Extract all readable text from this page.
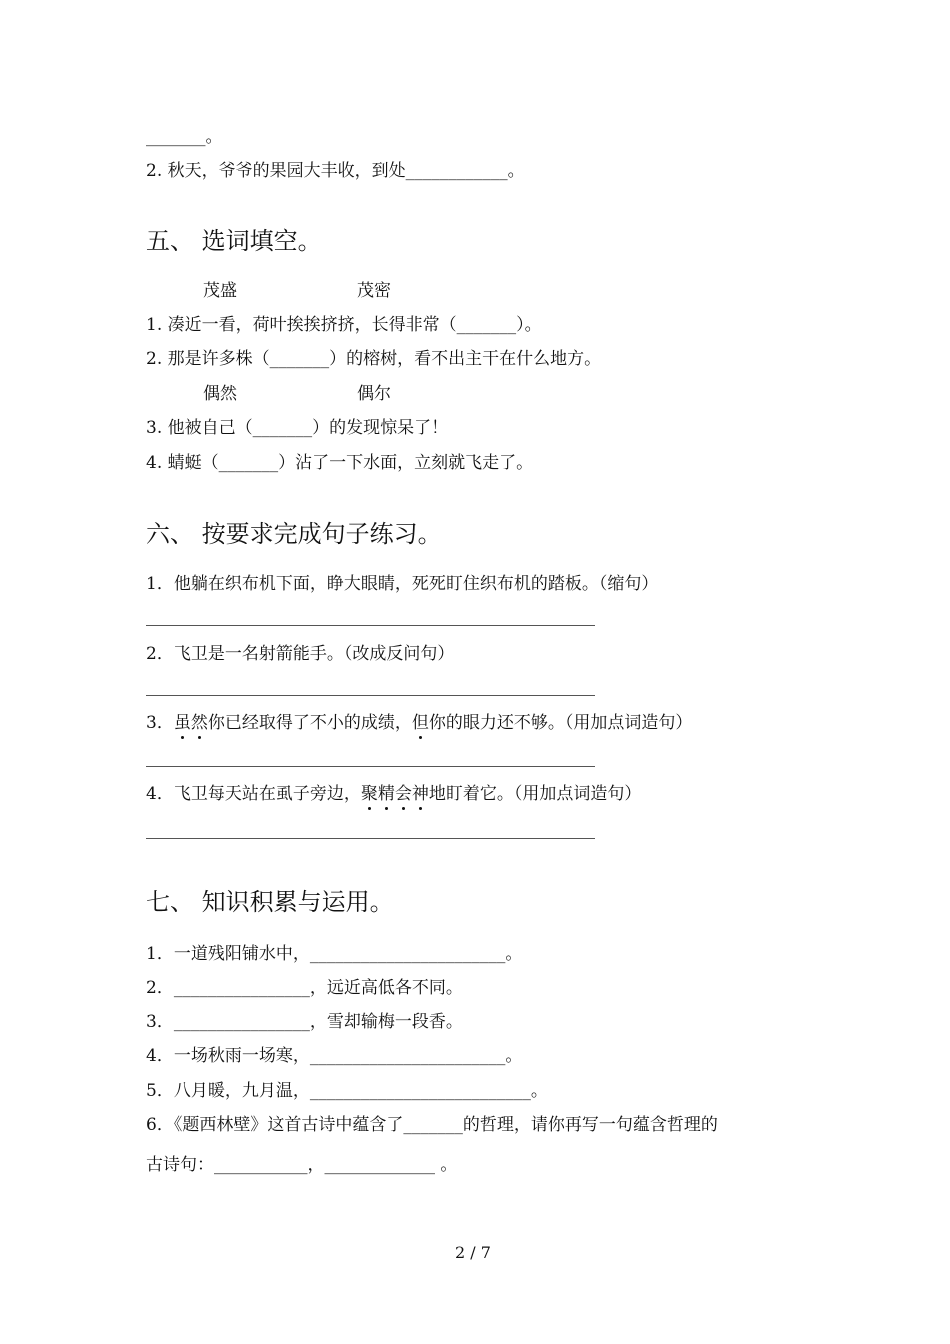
_______。
2. 秋天，爷爷的果园大丰收，到处____________。
五、 选词填空。
茂盛	茂密
1. 凑近一看，荷叶挨挨挤挤，长得非常（_______）。
2. 那是许多株（_______）的榕树，看不出主干在什么地方。
偶然	偶尔
3. 他被自己（_______）的发现惊呆了！
4. 蜻蜓（_______）沾了一下水面，立刻就飞走了。
六、 按要求完成句子练习。
1．他躺在织布机下面，睁大眼睛，死死盯住织布机的踏板。（缩句）
2．飞卫是一名射箭能手。（改成反问句）
3．虽然你已经取得了不小的成绩，但你的眼力还不够。（用加点词造句）
4．飞卫每天站在虱子旁边，聚精会神地盯着它。（用加点词造句）
七、 知识积累与运用。
1．一道残阳铺水中，_______________________。
2．________________，远近高低各不同。
3．________________，雪却输梅一段香。
4．一场秋雨一场寒，_______________________。
5．八月暖，九月温，__________________________。
6．《题西林壁》这首古诗中蕴含了_______的哲理，请你再写一句蕴含哲理的
古诗句：___________，_____________ 。
2 / 7
